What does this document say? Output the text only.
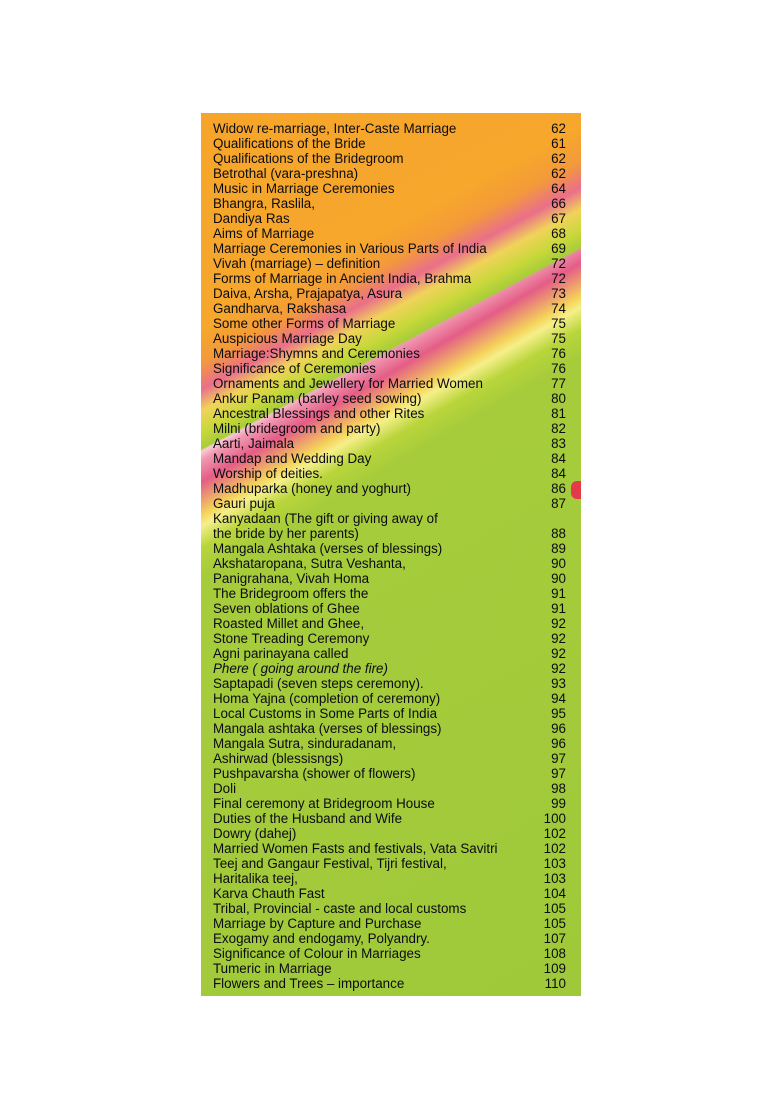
Widow re-marriage, Inter-Caste Marriage	62
Qualifications of the Bride	61
Qualifications of the Bridegroom	62
Betrothal (vara-preshna)	62
Music in Marriage Ceremonies	64
Bhangra, Raslila,	66
Dandiya Ras	67
Aims of Marriage	68
Marriage Ceremonies in Various Parts of India	69
Vivah (marriage) – definition	72
Forms of Marriage in Ancient India, Brahma	72
Daiva, Arsha, Prajapatya, Asura	73
Gandharva, Rakshasa	74
Some other Forms of Marriage	75
Auspicious Marriage Day	75
Marriage:Shymns and Ceremonies	76
Significance of Ceremonies	76
Ornaments and Jewellery for Married Women	77
Ankur Panam (barley seed sowing)	80
Ancestral Blessings and other Rites	81
Milni (bridegroom and party)	82
Aarti, Jaimala	83
Mandap and Wedding Day	84
Worship of deities.	84
Madhuparka (honey and yoghurt)	86
Gauri puja	87
Kanyadaan (The gift or giving away of
the bride by her parents)	88
Mangala Ashtaka (verses of blessings)	89
Akshataropana, Sutra Veshanta,	90
Panigrahana, Vivah Homa	90
The Bridegroom offers the	91
Seven oblations of Ghee	91
Roasted Millet and Ghee,	92
Stone Treading Ceremony	92
Agni parinayana called	92
Phere ( going around the fire)	92
Saptapadi (seven steps ceremony).	93
Homa Yajna (completion of ceremony)	94
Local Customs in Some Parts of India	95
Mangala ashtaka (verses of blessings)	96
Mangala Sutra, sinduradanam,	96
Ashirwad (blessisngs)	97
Pushpavarsha (shower of flowers)	97
Doli	98
Final ceremony at Bridegroom House	99
Duties of the Husband and Wife	100
Dowry (dahej)	102
Married Women Fasts and festivals, Vata Savitri	102
Teej and Gangaur Festival, Tijri festival,	103
Haritalika teej,	103
Karva Chauth Fast	104
Tribal, Provincial - caste and local customs	105
Marriage by Capture and Purchase	105
Exogamy and endogamy, Polyandry.	107
Significance of Colour in Marriages	108
Tumeric in Marriage	109
Flowers and Trees – importance	110
